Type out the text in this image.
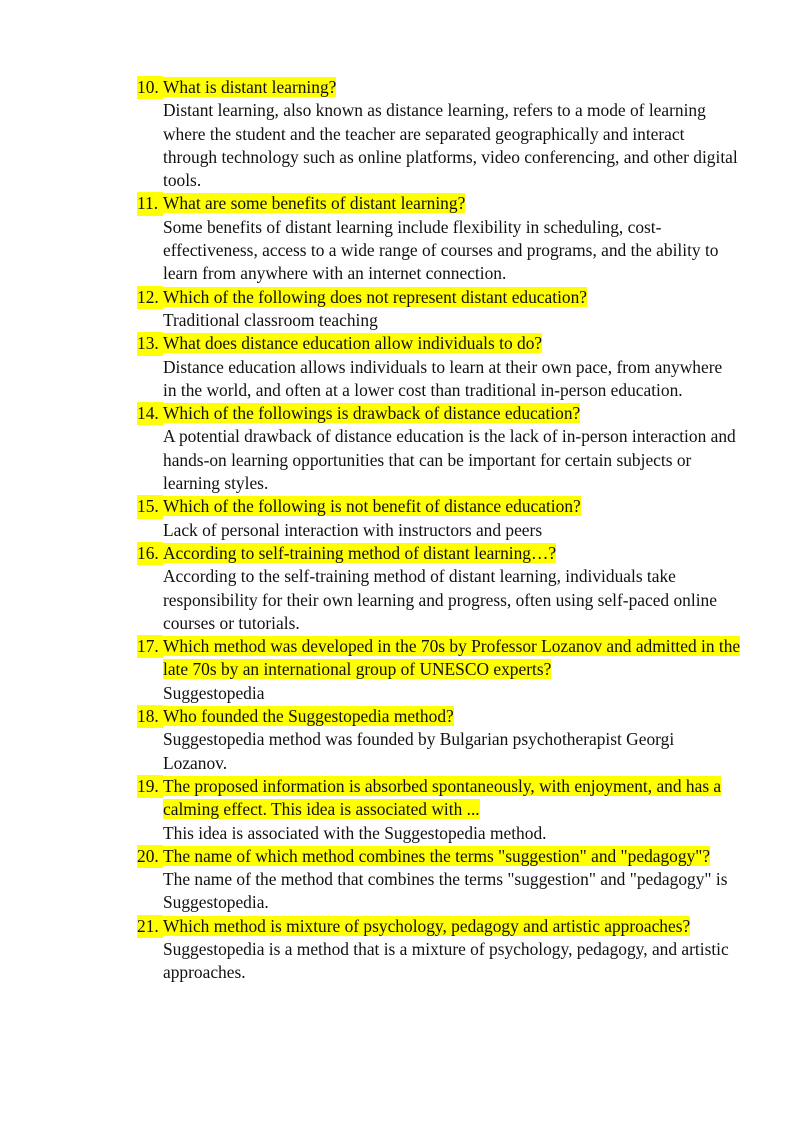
10. What is distant learning?
Distant learning, also known as distance learning, refers to a mode of learning where the student and the teacher are separated geographically and interact through technology such as online platforms, video conferencing, and other digital tools.
11. What are some benefits of distant learning?
Some benefits of distant learning include flexibility in scheduling, cost-effectiveness, access to a wide range of courses and programs, and the ability to learn from anywhere with an internet connection.
12. Which of the following does not represent distant education?
Traditional classroom teaching
13. What does distance education allow individuals to do?
Distance education allows individuals to learn at their own pace, from anywhere in the world, and often at a lower cost than traditional in-person education.
14. Which of the followings is drawback of distance education?
A potential drawback of distance education is the lack of in-person interaction and hands-on learning opportunities that can be important for certain subjects or learning styles.
15. Which of the following is not benefit of distance education?
Lack of personal interaction with instructors and peers
16. According to self-training method of distant learning…?
According to the self-training method of distant learning, individuals take responsibility for their own learning and progress, often using self-paced online courses or tutorials.
17. Which method was developed in the 70s by Professor Lozanov and admitted in the late 70s by an international group of UNESCO experts?
Suggestopedia
18. Who founded the Suggestopedia method?
Suggestopedia method was founded by Bulgarian psychotherapist Georgi Lozanov.
19. The proposed information is absorbed spontaneously, with enjoyment, and has a calming effect. This idea is associated with ...
This idea is associated with the Suggestopedia method.
20. The name of which method combines the terms "suggestion" and "pedagogy"?
The name of the method that combines the terms "suggestion" and "pedagogy" is Suggestopedia.
21. Which method is mixture of psychology, pedagogy and artistic approaches?
Suggestopedia is a method that is a mixture of psychology, pedagogy, and artistic approaches.
